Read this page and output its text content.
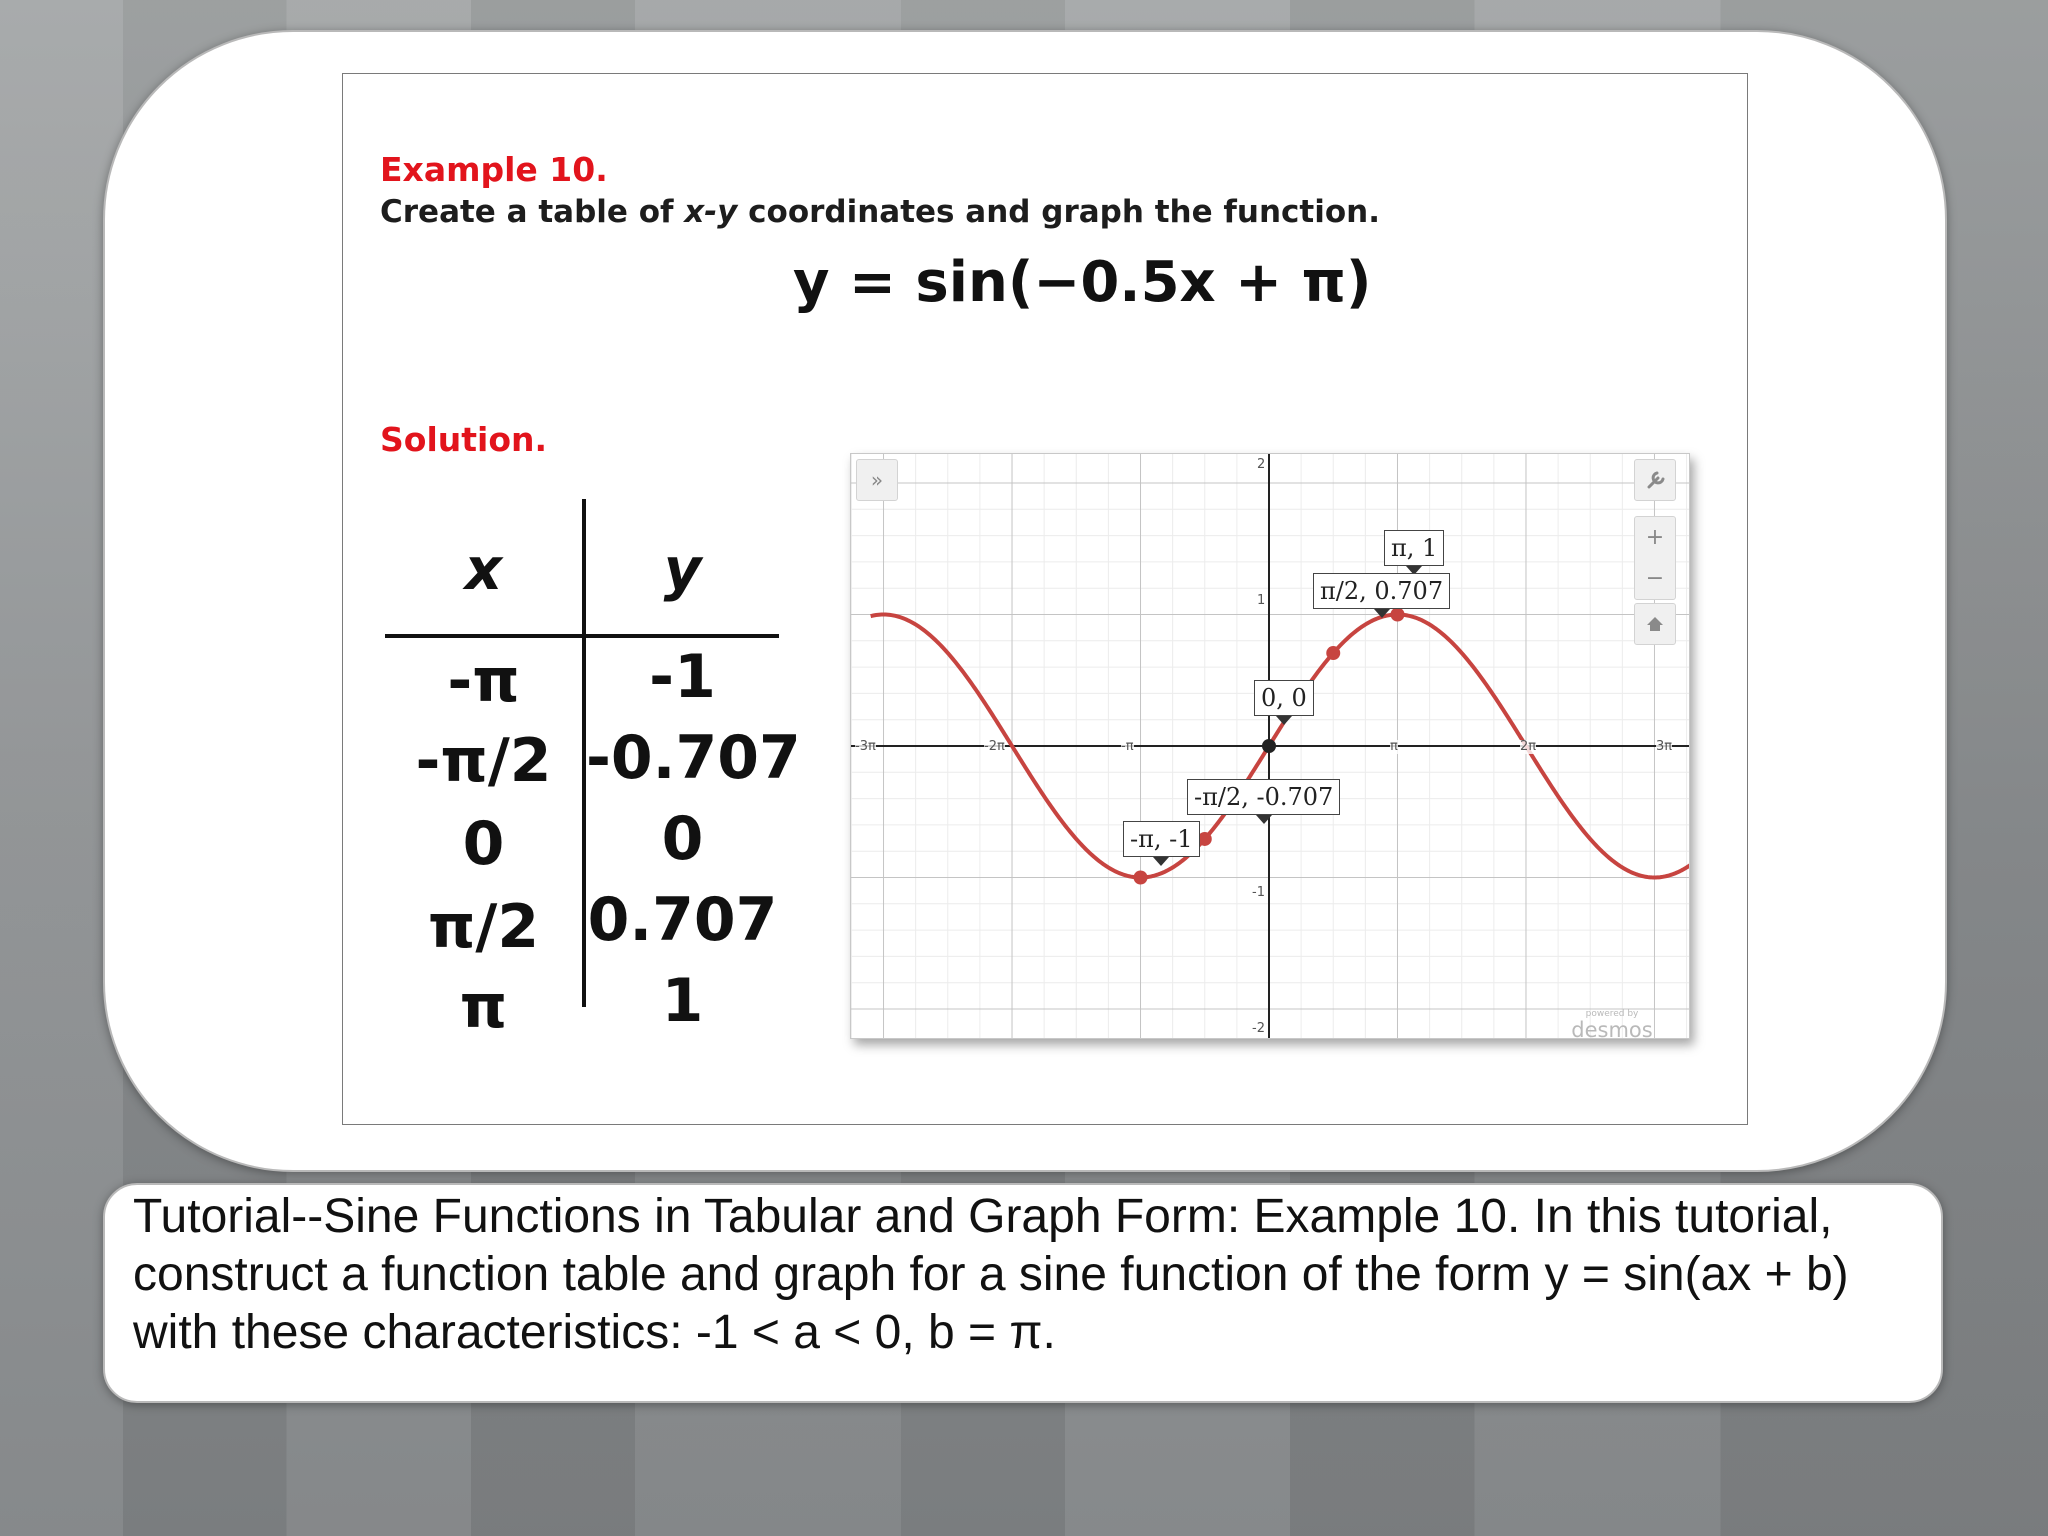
Example 10.

Create a table of x-y coordinates and graph the function.

y = sin(−0.5x + π)

Solution.

x	y
-π	-1
-π/2 -0.707
0	0
π/2 0.707
π	1
»
+
−
-3π	-2π	-π	π	2π	3π
2
1
-1
-2
π, 1
π/2, 0.707
0, 0
-π/2, -0.707
-π, -1
powered by
desmos

Tutorial--Sine Functions in Tabular and Graph Form: Example 10. In this tutorial, construct a function table and graph for a sine function of the form y = sin(ax + b) with these characteristics: -1 < a < 0, b = π.
